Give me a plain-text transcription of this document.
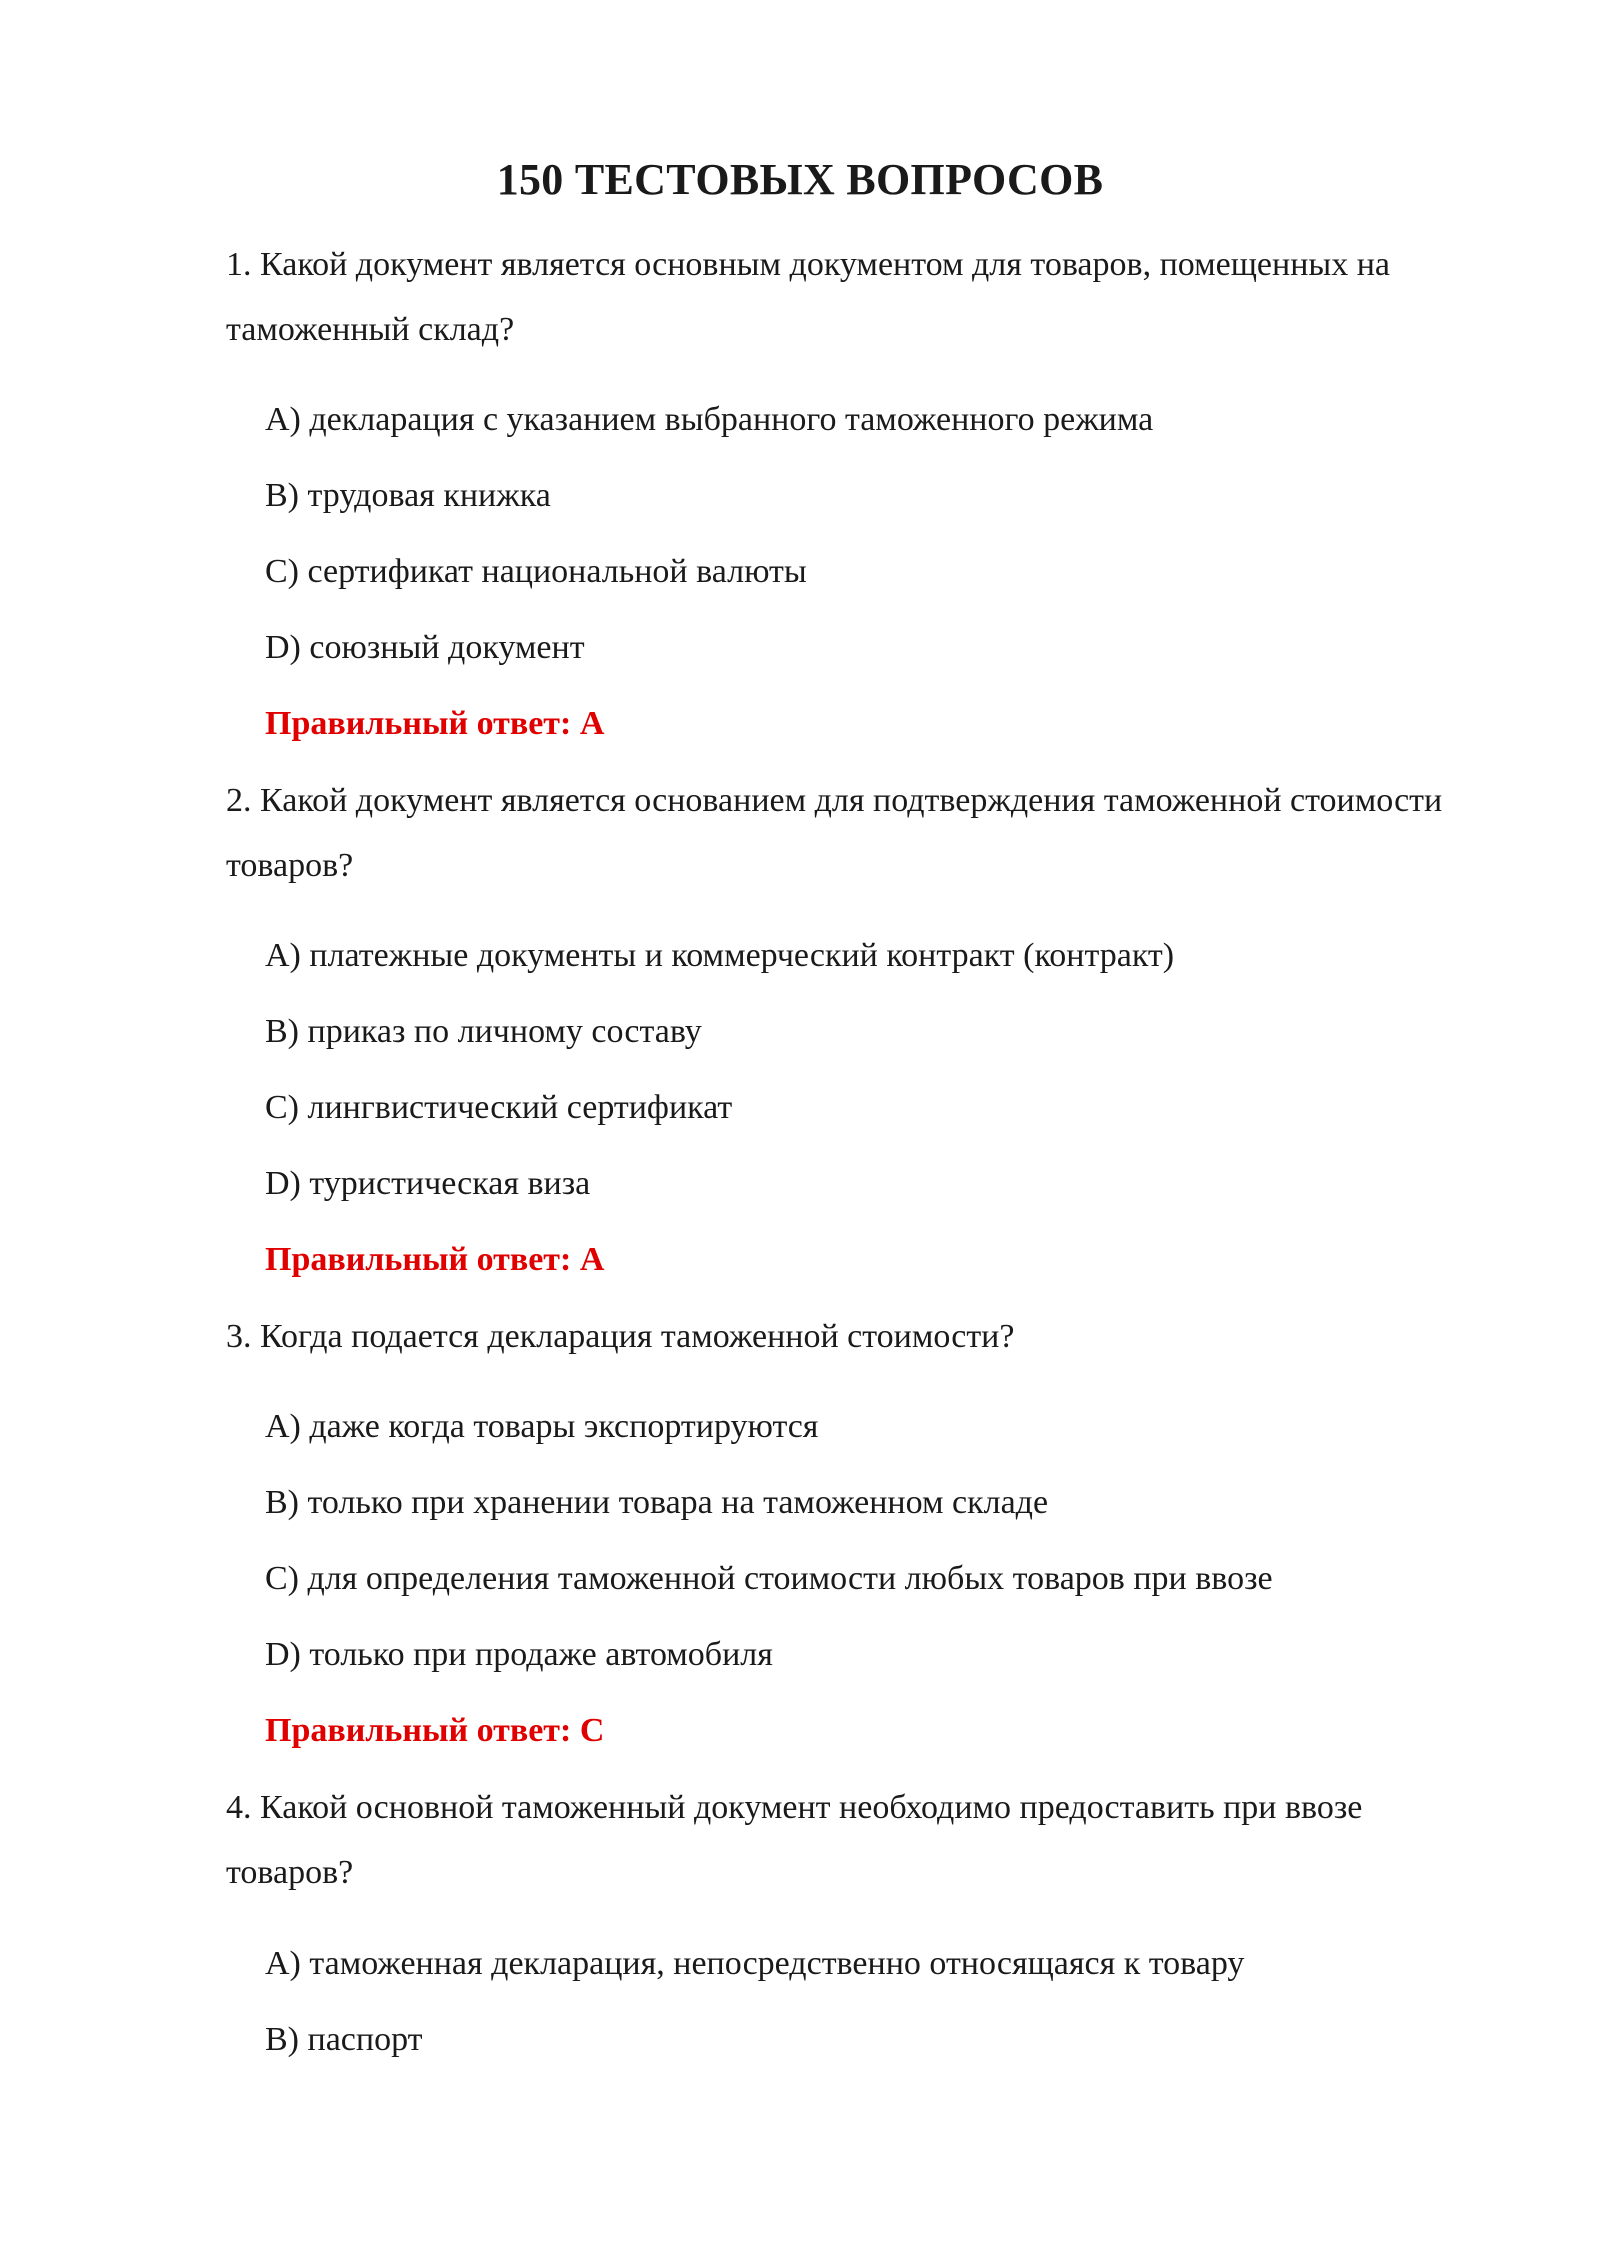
150 ТЕСТОВЫХ ВОПРОСОВ
1. Какой документ является основным документом для товаров, помещенных на таможенный склад?
A) декларация с указанием выбранного таможенного режима
B) трудовая книжка
C) сертификат национальной валюты
D) союзный документ
Правильный ответ: A
2. Какой документ является основанием для подтверждения таможенной стоимости товаров?
A) платежные документы и коммерческий контракт (контракт)
B) приказ по личному составу
C) лингвистический сертификат
D) туристическая виза
Правильный ответ: A
3. Когда подается декларация таможенной стоимости?
A) даже когда товары экспортируются
B) только при хранении товара на таможенном складе
C) для определения таможенной стоимости любых товаров при ввозе
D) только при продаже автомобиля
Правильный ответ: C
4. Какой основной таможенный документ необходимо предоставить при ввозе товаров?
A) таможенная декларация, непосредственно относящаяся к товару
B) паспорт
